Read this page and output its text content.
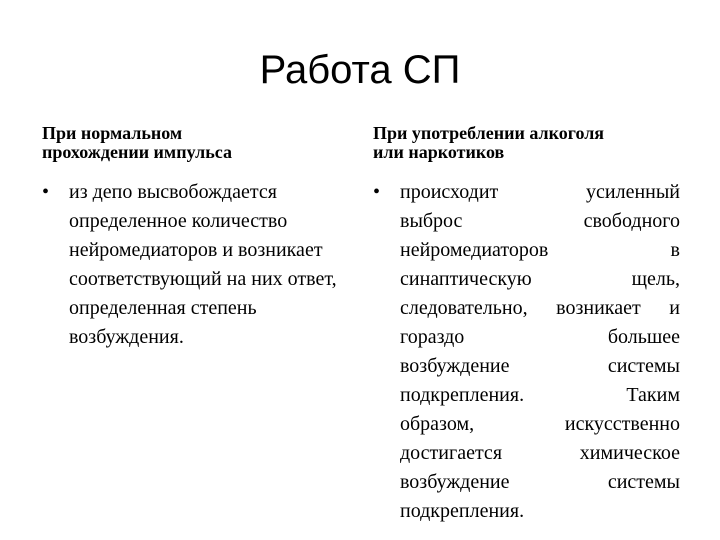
Работа СП

При нормальном
прохождении импульса

• из депо высвобождается определенное количество нейромедиаторов и возникает соответствующий на них ответ, определенная степень возбуждения.

При употреблении алкоголя
или наркотиков

• происходит усиленный
выброс свободного
нейромедиаторов в
синаптическую щель,
следовательно, возникает и
гораздо большее
возбуждение системы
подкрепления. Таким
образом, искусственно
достигается химическое
возбуждение системы
подкрепления.
